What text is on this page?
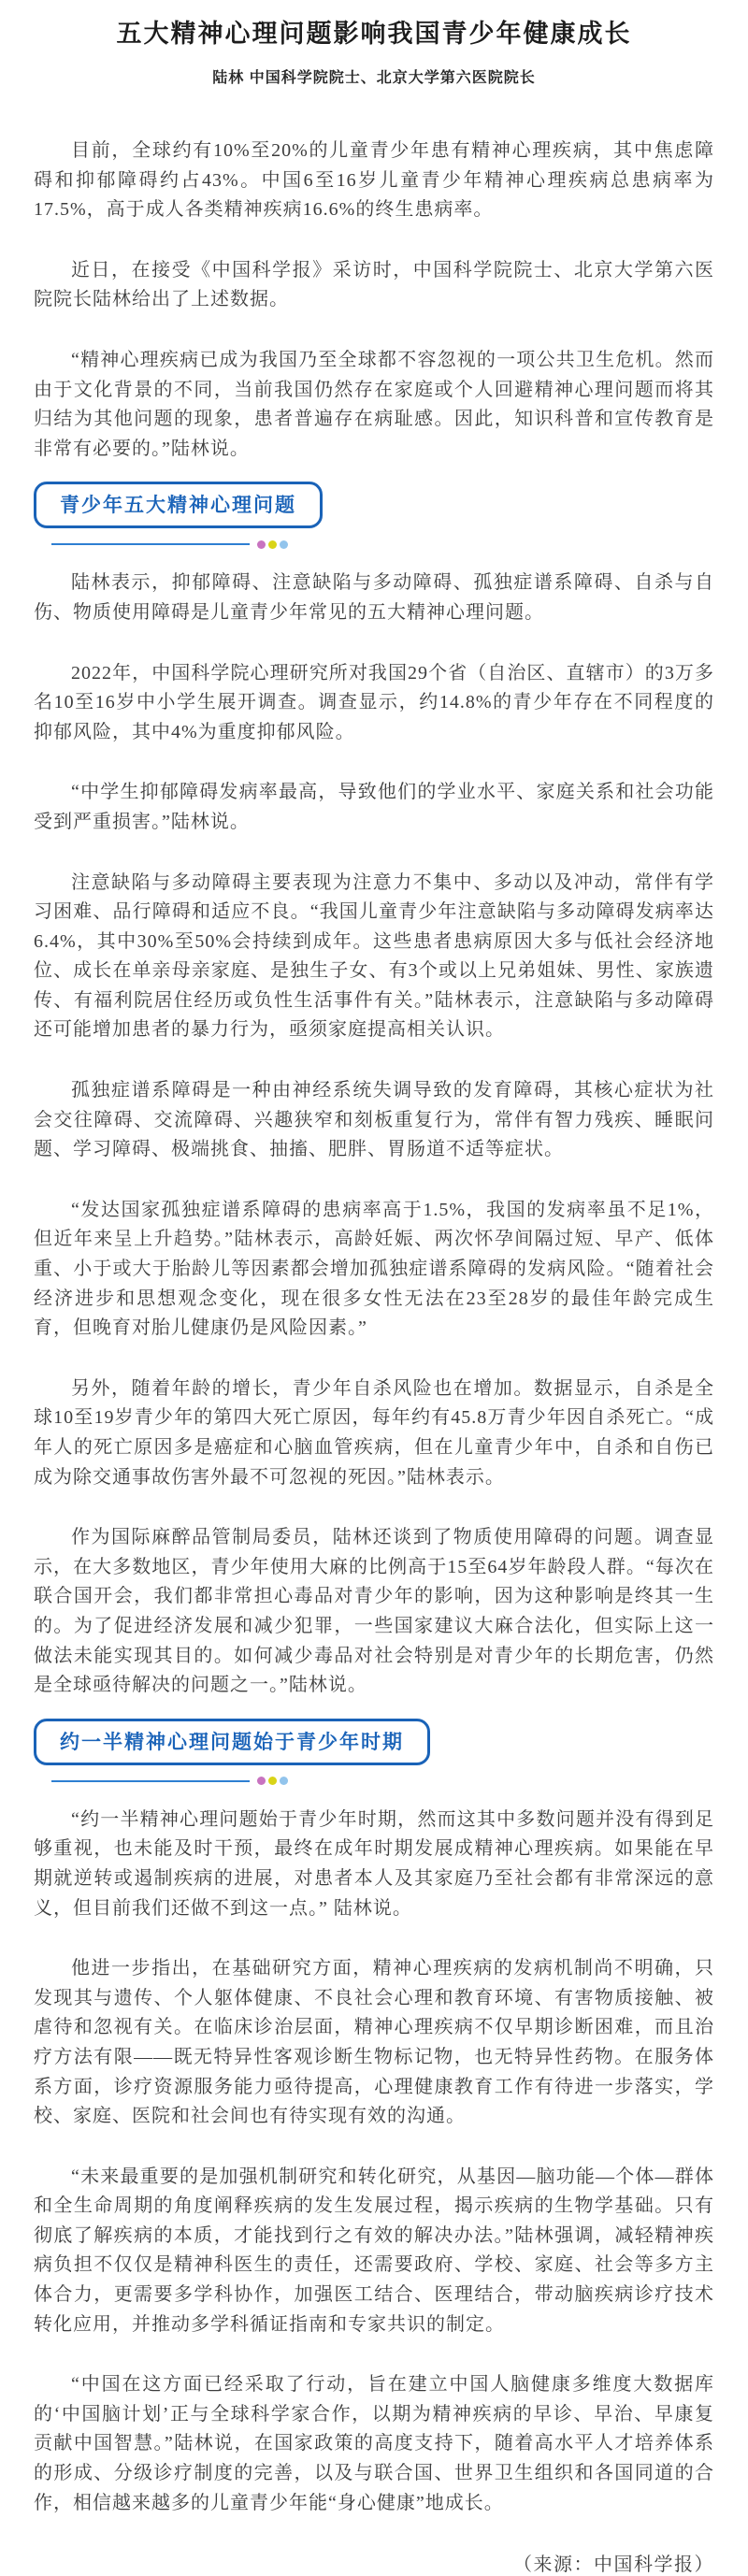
五大精神心理问题影响我国青少年健康成长
陆林 中国科学院院士、北京大学第六医院院长

目前，全球约有10%至20%的儿童青少年患有精神心理疾病，其中焦虑障碍和抑郁障碍约占43%。中国6至16岁儿童青少年精神心理疾病总患病率为17.5%，高于成人各类精神疾病16.6%的终生患病率。

近日，在接受《中国科学报》采访时，中国科学院院士、北京大学第六医院院长陆林给出了上述数据。

“精神心理疾病已成为我国乃至全球都不容忽视的一项公共卫生危机。然而由于文化背景的不同，当前我国仍然存在家庭或个人回避精神心理问题而将其归结为其他问题的现象，患者普遍存在病耻感。因此，知识科普和宣传教育是非常有必要的。”陆林说。

青少年五大精神心理问题

陆林表示，抑郁障碍、注意缺陷与多动障碍、孤独症谱系障碍、自杀与自伤、物质使用障碍是儿童青少年常见的五大精神心理问题。

2022年，中国科学院心理研究所对我国29个省（自治区、直辖市）的3万多名10至16岁中小学生展开调查。调查显示，约14.8%的青少年存在不同程度的抑郁风险，其中4%为重度抑郁风险。

“中学生抑郁障碍发病率最高，导致他们的学业水平、家庭关系和社会功能受到严重损害。”陆林说。

注意缺陷与多动障碍主要表现为注意力不集中、多动以及冲动，常伴有学习困难、品行障碍和适应不良。“我国儿童青少年注意缺陷与多动障碍发病率达6.4%，其中30%至50%会持续到成年。这些患者患病原因大多与低社会经济地位、成长在单亲母亲家庭、是独生子女、有3个或以上兄弟姐妹、男性、家族遗传、有福利院居住经历或负性生活事件有关。”陆林表示，注意缺陷与多动障碍还可能增加患者的暴力行为，亟须家庭提高相关认识。

孤独症谱系障碍是一种由神经系统失调导致的发育障碍，其核心症状为社会交往障碍、交流障碍、兴趣狭窄和刻板重复行为，常伴有智力残疾、睡眠问题、学习障碍、极端挑食、抽搐、肥胖、胃肠道不适等症状。

“发达国家孤独症谱系障碍的患病率高于1.5%，我国的发病率虽不足1%，但近年来呈上升趋势。”陆林表示，高龄妊娠、两次怀孕间隔过短、早产、低体重、小于或大于胎龄儿等因素都会增加孤独症谱系障碍的发病风险。“随着社会经济进步和思想观念变化，现在很多女性无法在23至28岁的最佳年龄完成生育，但晚育对胎儿健康仍是风险因素。”

另外，随着年龄的增长，青少年自杀风险也在增加。数据显示，自杀是全球10至19岁青少年的第四大死亡原因，每年约有45.8万青少年因自杀死亡。“成年人的死亡原因多是癌症和心脑血管疾病，但在儿童青少年中，自杀和自伤已成为除交通事故伤害外最不可忽视的死因。”陆林表示。

作为国际麻醉品管制局委员，陆林还谈到了物质使用障碍的问题。调查显示，在大多数地区，青少年使用大麻的比例高于15至64岁年龄段人群。“每次在联合国开会，我们都非常担心毒品对青少年的影响，因为这种影响是终其一生的。为了促进经济发展和减少犯罪，一些国家建议大麻合法化，但实际上这一做法未能实现其目的。如何减少毒品对社会特别是对青少年的长期危害，仍然是全球亟待解决的问题之一。”陆林说。

约一半精神心理问题始于青少年时期

“约一半精神心理问题始于青少年时期，然而这其中多数问题并没有得到足够重视，也未能及时干预，最终在成年时期发展成精神心理疾病。如果能在早期就逆转或遏制疾病的进展，对患者本人及其家庭乃至社会都有非常深远的意义，但目前我们还做不到这一点。” 陆林说。

他进一步指出，在基础研究方面，精神心理疾病的发病机制尚不明确，只发现其与遗传、个人躯体健康、不良社会心理和教育环境、有害物质接触、被虐待和忽视有关。在临床诊治层面，精神心理疾病不仅早期诊断困难，而且治疗方法有限——既无特异性客观诊断生物标记物，也无特异性药物。在服务体系方面，诊疗资源服务能力亟待提高，心理健康教育工作有待进一步落实，学校、家庭、医院和社会间也有待实现有效的沟通。

“未来最重要的是加强机制研究和转化研究，从基因—脑功能—个体—群体和全生命周期的角度阐释疾病的发生发展过程，揭示疾病的生物学基础。只有彻底了解疾病的本质，才能找到行之有效的解决办法。”陆林强调，减轻精神疾病负担不仅仅是精神科医生的责任，还需要政府、学校、家庭、社会等多方主体合力，更需要多学科协作，加强医工结合、医理结合，带动脑疾病诊疗技术转化应用，并推动多学科循证指南和专家共识的制定。

“中国在这方面已经采取了行动，旨在建立中国人脑健康多维度大数据库的‘中国脑计划’正与全球科学家合作，以期为精神疾病的早诊、早治、早康复贡献中国智慧。”陆林说，在国家政策的高度支持下，随着高水平人才培养体系的形成、分级诊疗制度的完善，以及与联合国、世界卫生组织和各国同道的合作，相信越来越多的儿童青少年能“身心健康”地成长。

（来源：中国科学报）
